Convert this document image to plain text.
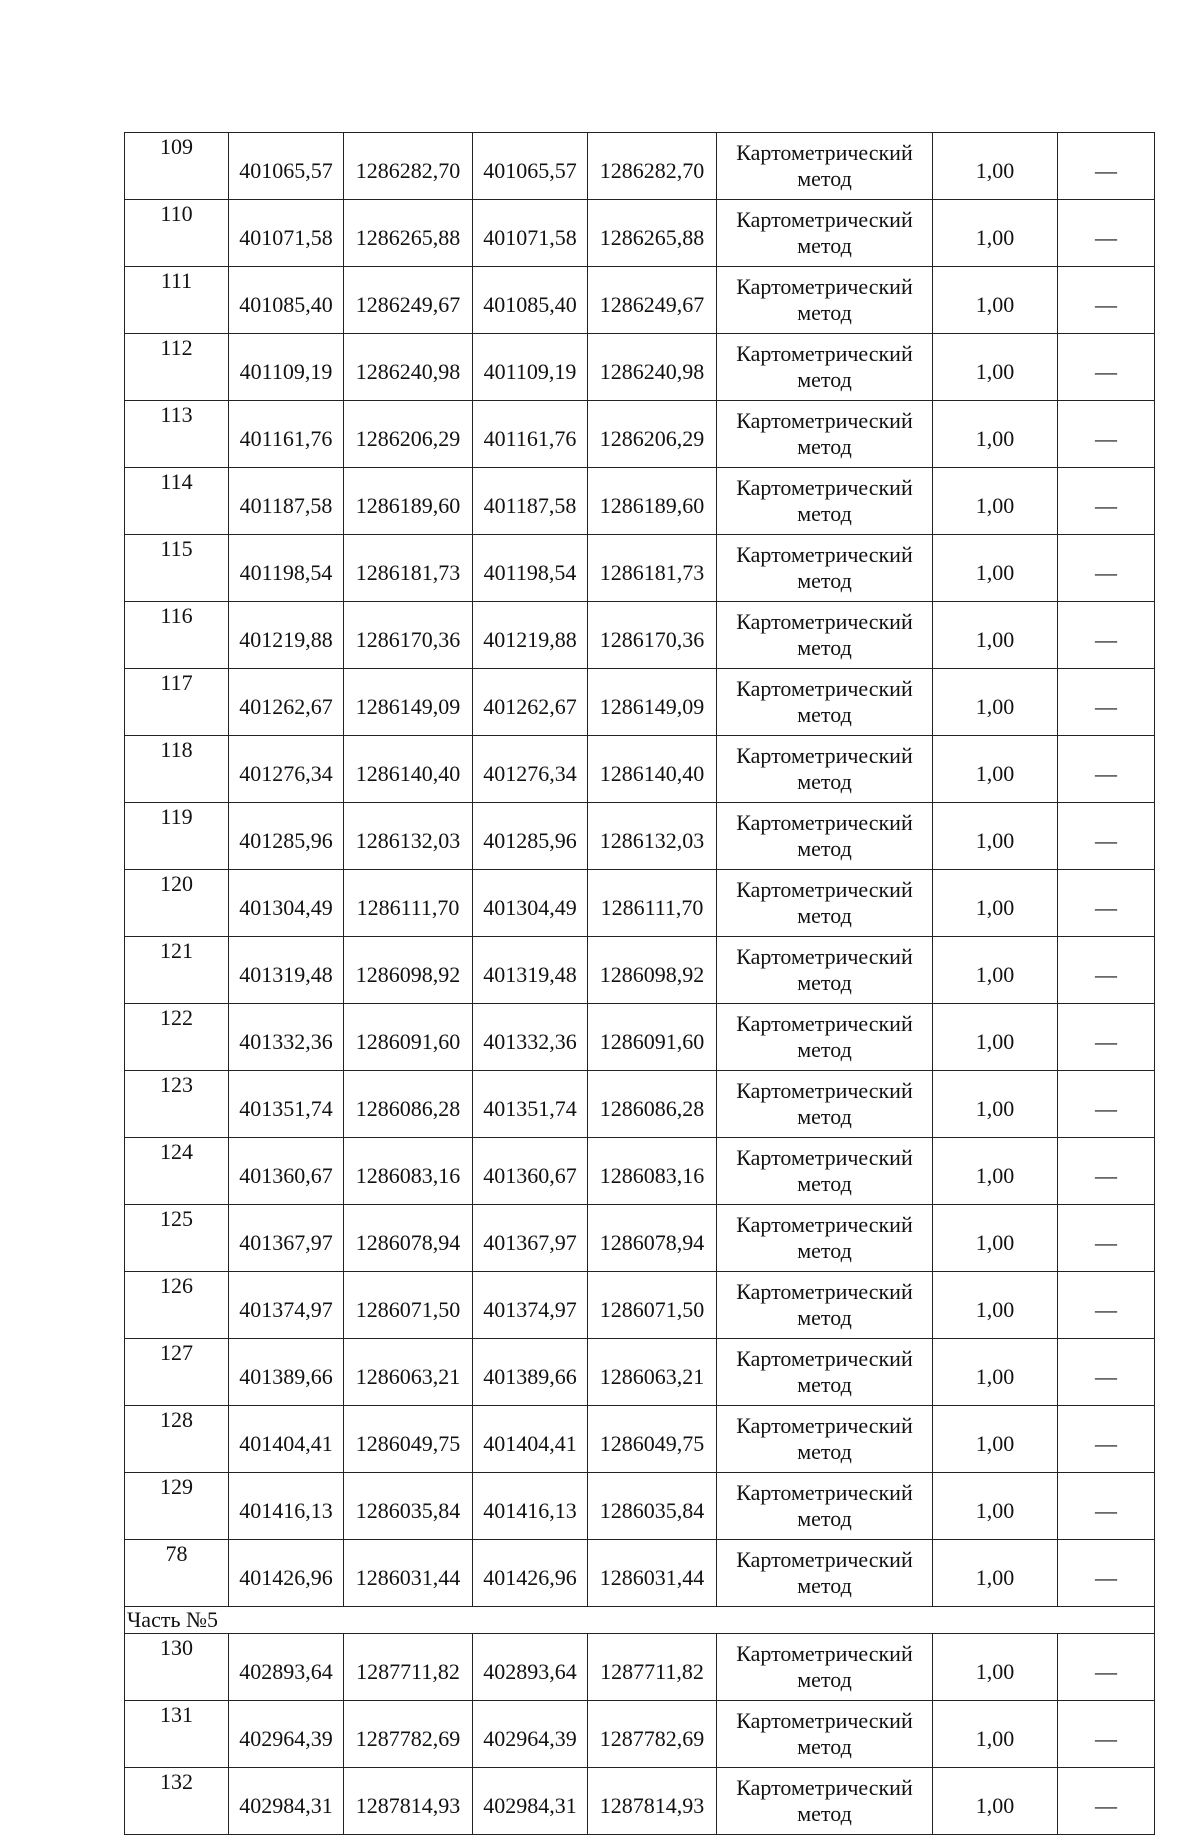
109	401065,57	1286282,70	401065,57	1286282,70	Картометрический метод	1,00	—
110	401071,58	1286265,88	401071,58	1286265,88	Картометрический метод	1,00	—
111	401085,40	1286249,67	401085,40	1286249,67	Картометрический метод	1,00	—
112	401109,19	1286240,98	401109,19	1286240,98	Картометрический метод	1,00	—
113	401161,76	1286206,29	401161,76	1286206,29	Картометрический метод	1,00	—
114	401187,58	1286189,60	401187,58	1286189,60	Картометрический метод	1,00	—
115	401198,54	1286181,73	401198,54	1286181,73	Картометрический метод	1,00	—
116	401219,88	1286170,36	401219,88	1286170,36	Картометрический метод	1,00	—
117	401262,67	1286149,09	401262,67	1286149,09	Картометрический метод	1,00	—
118	401276,34	1286140,40	401276,34	1286140,40	Картометрический метод	1,00	—
119	401285,96	1286132,03	401285,96	1286132,03	Картометрический метод	1,00	—
120	401304,49	1286111,70	401304,49	1286111,70	Картометрический метод	1,00	—
121	401319,48	1286098,92	401319,48	1286098,92	Картометрический метод	1,00	—
122	401332,36	1286091,60	401332,36	1286091,60	Картометрический метод	1,00	—
123	401351,74	1286086,28	401351,74	1286086,28	Картометрический метод	1,00	—
124	401360,67	1286083,16	401360,67	1286083,16	Картометрический метод	1,00	—
125	401367,97	1286078,94	401367,97	1286078,94	Картометрический метод	1,00	—
126	401374,97	1286071,50	401374,97	1286071,50	Картометрический метод	1,00	—
127	401389,66	1286063,21	401389,66	1286063,21	Картометрический метод	1,00	—
128	401404,41	1286049,75	401404,41	1286049,75	Картометрический метод	1,00	—
129	401416,13	1286035,84	401416,13	1286035,84	Картометрический метод	1,00	—
78	401426,96	1286031,44	401426,96	1286031,44	Картометрический метод	1,00	—
Часть №5							
130	402893,64	1287711,82	402893,64	1287711,82	Картометрический метод	1,00	—
131	402964,39	1287782,69	402964,39	1287782,69	Картометрический метод	1,00	—
132	402984,31	1287814,93	402984,31	1287814,93	Картометрический метод	1,00	—
